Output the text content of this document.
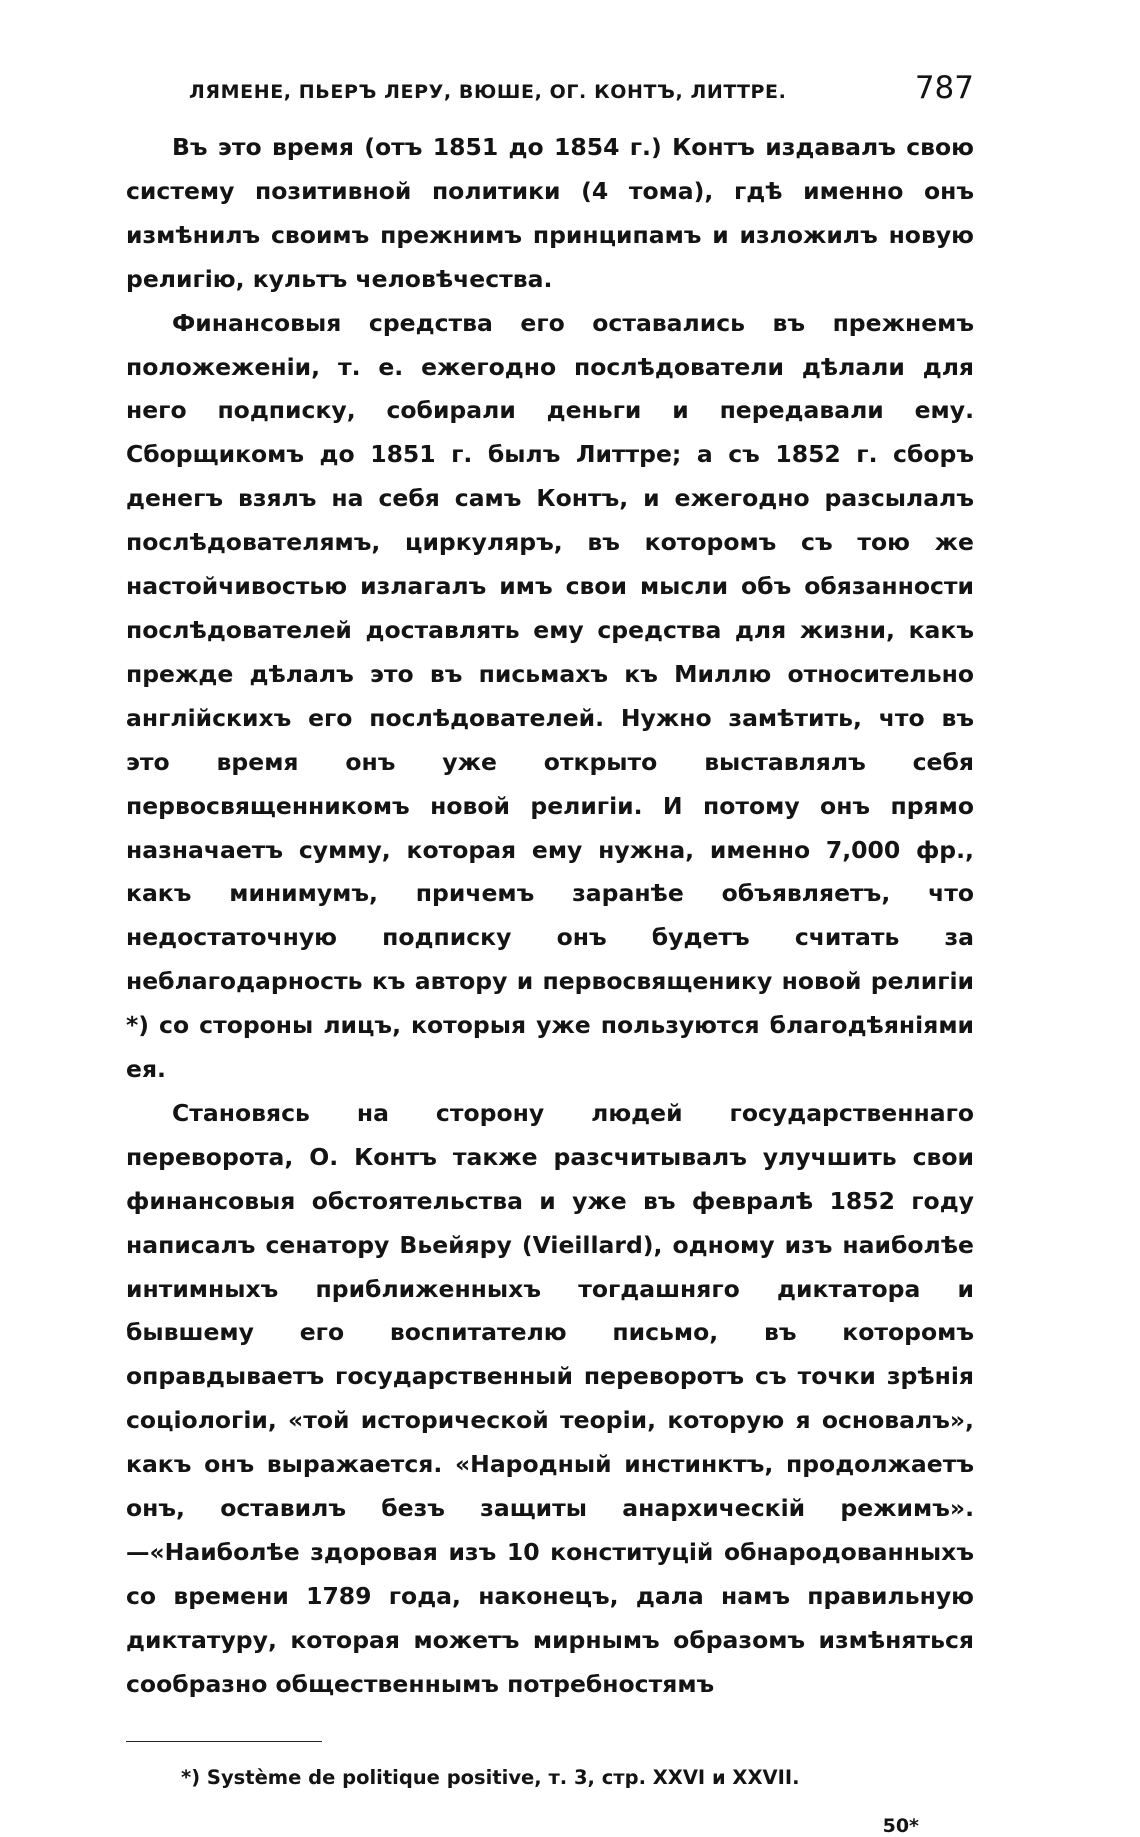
ЛЯМЕНЕ, ПЬЕРЪ ЛЕРУ, ВЮШЕ, ОГ. КОНТЪ, ЛИТТРЕ.	787

Въ это время (отъ 1851 до 1854 г.) Контъ издавалъ свою систему позитивной политики (4 тома), гдѣ именно онъ измѣнилъ своимъ прежнимъ принципамъ и изложилъ новую религію, культъ человѣчества.

Финансовыя средства его оставались въ прежнемъ положеженіи, т. е. ежегодно послѣдователи дѣлали для него подписку, собирали деньги и передавали ему. Сборщикомъ до 1851 г. былъ Литтре; а съ 1852 г. сборъ денегъ взялъ на себя самъ Контъ, и ежегодно разсылалъ послѣдователямъ, циркуляръ, въ которомъ съ тою же настойчивостью излагалъ имъ свои мысли объ обязанности послѣдователей доставлять ему средства для жизни, какъ прежде дѣлалъ это въ письмахъ къ Миллю относительно англійскихъ его послѣдователей. Нужно замѣтить, что въ это время онъ уже открыто выставлялъ себя первосвященникомъ новой религіи. И потому онъ прямо назначаетъ сумму, которая ему нужна, именно 7,000 фр., какъ минимумъ, причемъ заранѣе объявляетъ, что недостаточную подписку онъ будетъ считать за неблагодарность къ автору и первосвященику новой религіи *) со стороны лицъ, которыя уже пользуются благодѣяніями ея.

Становясь на сторону людей государственнаго переворота, О. Контъ также разсчитывалъ улучшить свои финансовыя обстоятельства и уже въ февралѣ 1852 году написалъ сенатору Вьейяру (Vieillard), одному изъ наиболѣе интимныхъ приближенныхъ тогдашняго диктатора и бывшему его воспитателю письмо, въ которомъ оправдываетъ государственный переворотъ съ точки зрѣнія соціологіи, «той исторической теоріи, которую я основалъ», какъ онъ выражается. «Народный инстинктъ, продолжаетъ онъ, оставилъ безъ защиты анархическій режимъ».—«Наиболѣе здоровая изъ 10 конституцій обнародованныхъ со времени 1789 года, наконецъ, дала намъ правильную диктатуру, которая можетъ мирнымъ образомъ измѣняться сообразно общественнымъ потребностямъ

*) Système de politique positive, т. 3, стр. XXVI и XXVII.
50*
